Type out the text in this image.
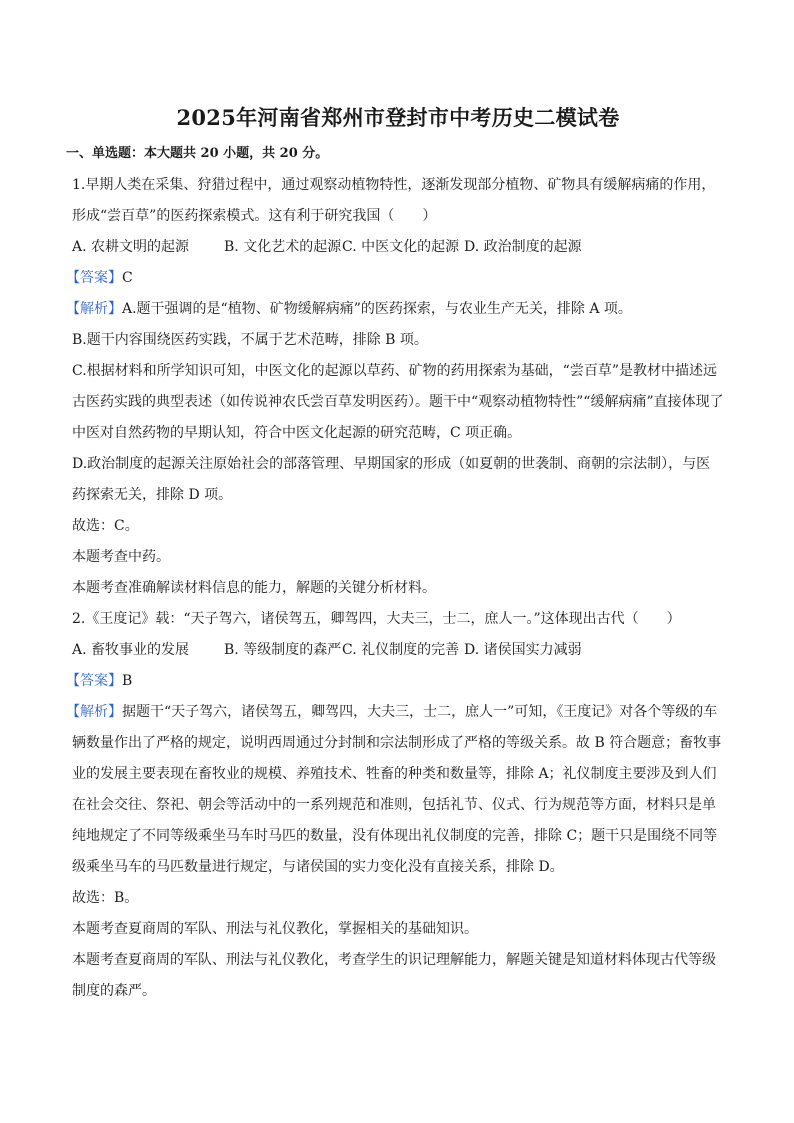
2025年河南省郑州市登封市中考历史二模试卷
一、单选题：本大题共 20 小题，共 20 分。
1.早期人类在采集、狩猎过程中，通过观察动植物特性，逐渐发现部分植物、矿物具有缓解病痛的作用，
形成“尝百草”的医药探索模式。这有利于研究我国（　　）
A. 农耕文明的起源 B. 文化艺术的起源C. 中医文化的起源 D. 政治制度的起源
【答案】C
【解析】A.题干强调的是“植物、矿物缓解病痛”的医药探索，与农业生产无关，排除 A 项。
B.题干内容围绕医药实践，不属于艺术范畴，排除 B 项。
C.根据材料和所学知识可知，中医文化的起源以草药、矿物的药用探索为基础，“尝百草”是教材中描述远古医药实践的典型表述（如传说神农氏尝百草发明医药）。题干中“观察动植物特性”“缓解病痛”直接体现了中医对自然药物的早期认知，符合中医文化起源的研究范畴，C 项正确。
D.政治制度的起源关注原始社会的部落管理、早期国家的形成（如夏朝的世袭制、商朝的宗法制），与医药探索无关，排除 D 项。
故选：C。
本题考查中药。
本题考查准确解读材料信息的能力，解题的关键分析材料。
2.《王度记》载：“天子驾六，诸侯驾五，卿驾四，大夫三，士二，庶人一。”这体现出古代（　　）
A. 畜牧事业的发展 B. 等级制度的森严C. 礼仪制度的完善 D. 诸侯国实力减弱
【答案】B
【解析】据题干“天子驾六，诸侯驾五，卿驾四，大夫三，士二，庶人一”可知，《王度记》对各个等级的车辆数量作出了严格的规定，说明西周通过分封制和宗法制形成了严格的等级关系。故 B 符合题意；畜牧事业的发展主要表现在畜牧业的规模、养殖技术、牲畜的种类和数量等，排除 A；礼仪制度主要涉及到人们在社会交往、祭祀、朝会等活动中的一系列规范和准则，包括礼节、仪式、行为规范等方面，材料只是单纯地规定了不同等级乘坐马车时马匹的数量，没有体现出礼仪制度的完善，排除 C；题干只是围绕不同等级乘坐马车的马匹数量进行规定，与诸侯国的实力变化没有直接关系，排除 D。
故选：B。
本题考查夏商周的军队、刑法与礼仪教化，掌握相关的基础知识。
本题考查夏商周的军队、刑法与礼仪教化，考查学生的识记理解能力，解题关键是知道材料体现古代等级制度的森严。
